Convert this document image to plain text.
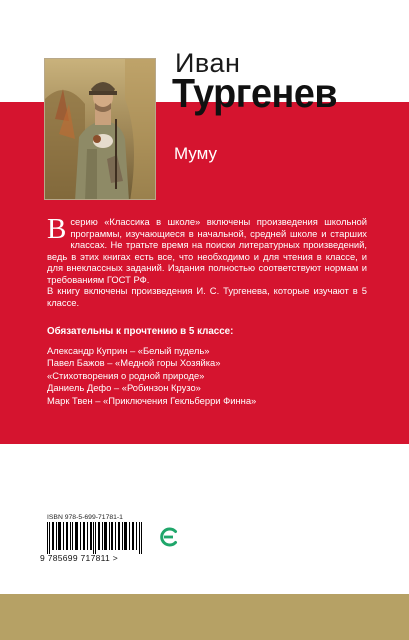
Иван
Тургенев
Муму

В серию «Классика в школе» включены произведения школьной программы, изучающиеся в начальной, средней школе и старших классах. Не тратьте время на поиски литературных произведений, ведь в этих книгах есть все, что необходимо и для чтения в классе, и для внеклассных заданий. Издания полностью соответствуют нормам и требованиям ГОСТ РФ.

В книгу включены произведения И. С. Тургенева, которые изучают в 5 классе.

Обязательны к прочтению в 5 классе:
Александр Куприн – «Белый пудель»
Павел Бажов – «Медной горы Хозяйка»
«Стихотворения о родной природе»
Даниель Дефо – «Робинзон Крузо»
Марк Твен – «Приключения Гекльберри Финна»
ISBN 978-5-699-71781-1
9 785699 717811 >
